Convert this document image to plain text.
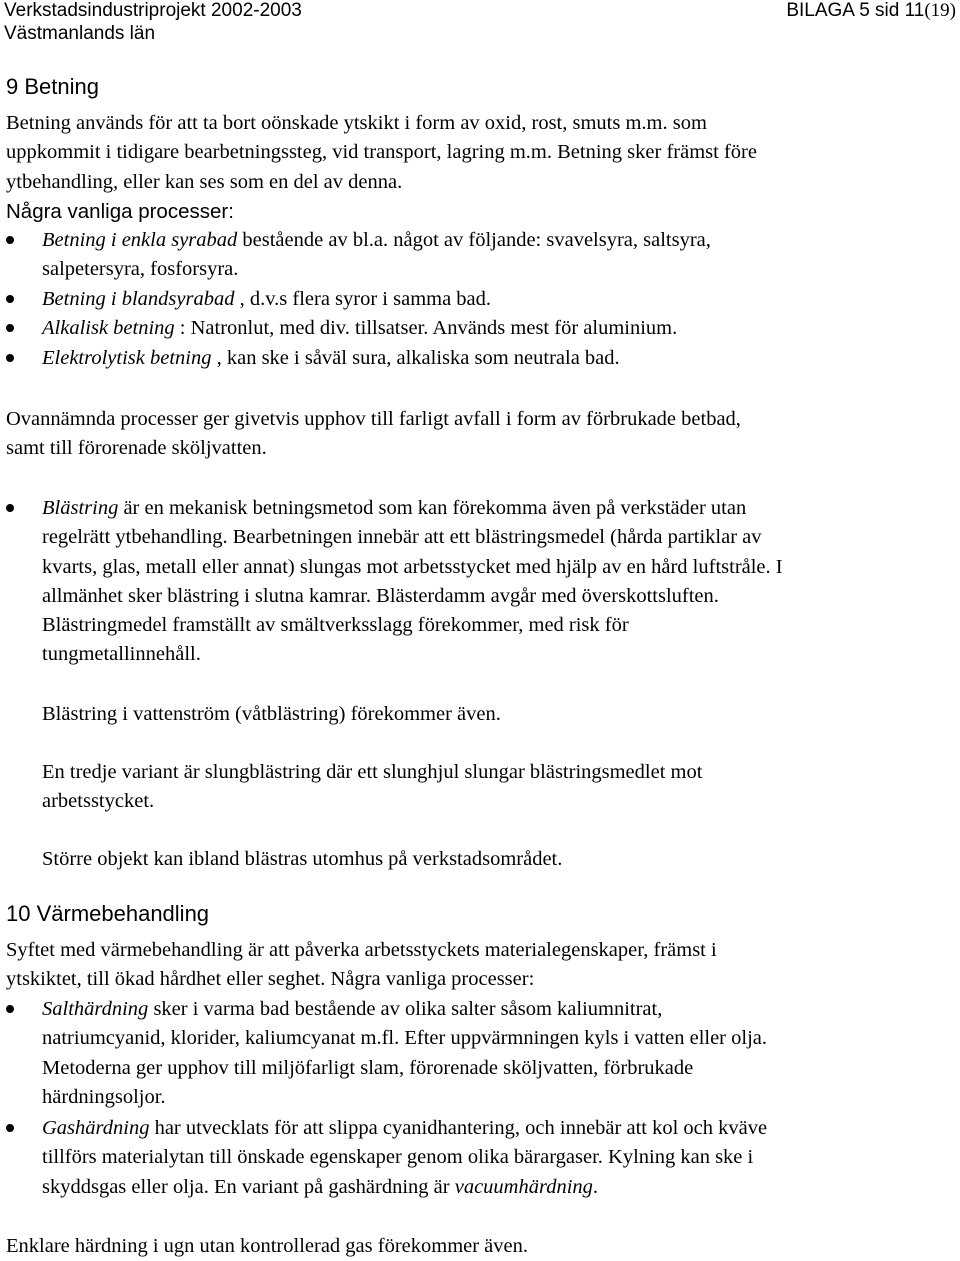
Verkstadsindustriprojekt 2002-2003
Västmanlands län
BILAGA 5 sid 11(19)
9 Betning
Betning används för att ta bort oönskade ytskikt i form av oxid, rost, smuts m.m. som
uppkommit i tidigare bearbetningssteg, vid transport, lagring m.m. Betning sker främst före
ytbehandling, eller kan ses som en del av denna.
Några vanliga processer:
Betning i enkla syrabad bestående av bl.a. något av följande: svavelsyra, saltsyra,
salpetersyra, fosforsyra.
Betning i blandsyrabad , d.v.s flera syror i samma bad.
Alkalisk betning : Natronlut, med div. tillsatser. Används mest för aluminium.
Elektrolytisk betning , kan ske i såväl sura, alkaliska som neutrala bad.
Ovannämnda processer ger givetvis upphov till farligt avfall i form av förbrukade betbad,
samt till förorenade sköljvatten.
Blästring är en mekanisk betningsmetod som kan förekomma även på verkstäder utan
regelrätt ytbehandling. Bearbetningen innebär att ett blästringsmedel (hårda partiklar av
kvarts, glas, metall eller annat) slungas mot arbetsstycket med hjälp av en hård luftstråle. I
allmänhet sker blästring i slutna kamrar. Blästerdamm avgår med överskottsluften.
Blästringmedel framställt av smältverksslagg förekommer, med risk för
tungmetallinnehåll.
Blästring i vattenström (våtblästring) förekommer även.
En tredje variant är slungblästring där ett slunghjul slungar blästringsmedlet mot
arbetsstycket.
Större objekt kan ibland blästras utomhus på verkstadsområdet.
10 Värmebehandling
Syftet med värmebehandling är att påverka arbetsstyckets materialegenskaper, främst i
ytskiktet, till ökad hårdhet eller seghet. Några vanliga processer:
Salthärdning sker i varma bad bestående av olika salter såsom kaliumnitrat,
natriumcyanid, klorider, kaliumcyanat m.fl. Efter uppvärmningen kyls i vatten eller olja.
Metoderna ger upphov till miljöfarligt slam, förorenade sköljvatten, förbrukade
härdningsoljor.
Gashärdning har utvecklats för att slippa cyanidhantering, och innebär att kol och kväve
tillförs materialytan till önskade egenskaper genom olika bärargaser. Kylning kan ske i
skyddsgas eller olja. En variant på gashärdning är vacuumhärdning.
Enklare härdning i ugn utan kontrollerad gas förekommer även.
